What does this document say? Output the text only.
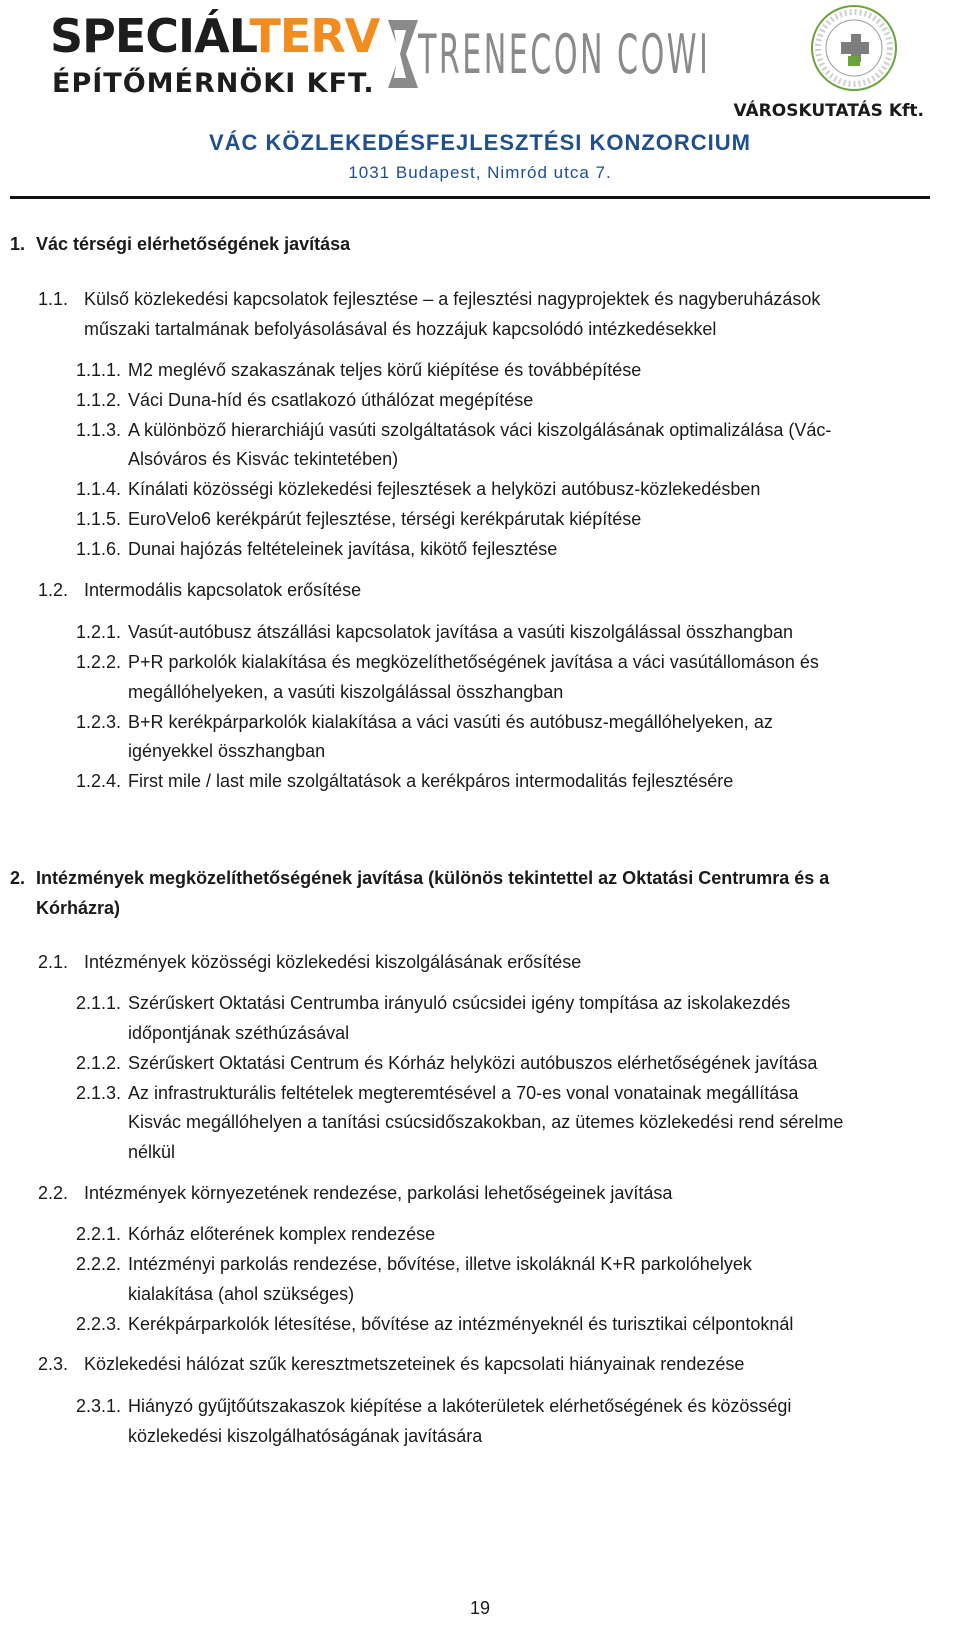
SPECIÁLTERV
ÉPÍTŐMÉRNÖKI KFT. TRENECON COWI
VÁROSKUTATÁS Kft.
VÁC KÖZLEKEDÉSFEJLESZTÉSI KONZORCIUM
1031 Budapest, Nimród utca 7.
1. Vác térségi elérhetőségének javítása
1.1. Külső közlekedési kapcsolatok fejlesztése – a fejlesztési nagyprojektek és nagyberuházások
műszaki tartalmának befolyásolásával és hozzájuk kapcsolódó intézkedésekkel
1.1.1. M2 meglévő szakaszának teljes körű kiépítése és továbbépítése
1.1.2. Váci Duna-híd és csatlakozó úthálózat megépítése
1.1.3. A különböző hierarchiájú vasúti szolgáltatások váci kiszolgálásának optimalizálása (Vác-
Alsóváros és Kisvác tekintetében)
1.1.4. Kínálati közösségi közlekedési fejlesztések a helyközi autóbusz-közlekedésben
1.1.5. EuroVelo6 kerékpárút fejlesztése, térségi kerékpárutak kiépítése
1.1.6. Dunai hajózás feltételeinek javítása, kikötő fejlesztése
1.2. Intermodális kapcsolatok erősítése
1.2.1. Vasút-autóbusz átszállási kapcsolatok javítása a vasúti kiszolgálással összhangban
1.2.2. P+R parkolók kialakítása és megközelíthetőségének javítása a váci vasútállomáson és
megállóhelyeken, a vasúti kiszolgálással összhangban
1.2.3. B+R kerékpárparkolók kialakítása a váci vasúti és autóbusz-megállóhelyeken, az
igényekkel összhangban
1.2.4. First mile / last mile szolgáltatások a kerékpáros intermodalitás fejlesztésére
2. Intézmények megközelíthetőségének javítása (különös tekintettel az Oktatási Centrumra és a
Kórházra)
2.1. Intézmények közösségi közlekedési kiszolgálásának erősítése
2.1.1. Szérűskert Oktatási Centrumba irányuló csúcsidei igény tompítása az iskolakezdés
időpontjának széthúzásával
2.1.2. Szérűskert Oktatási Centrum és Kórház helyközi autóbuszos elérhetőségének javítása
2.1.3. Az infrastrukturális feltételek megteremtésével a 70-es vonal vonatainak megállítása
Kisvác megállóhelyen a tanítási csúcsidőszakokban, az ütemes közlekedési rend sérelme
nélkül
2.2. Intézmények környezetének rendezése, parkolási lehetőségeinek javítása
2.2.1. Kórház előterének komplex rendezése
2.2.2. Intézményi parkolás rendezése, bővítése, illetve iskoláknál K+R parkolóhelyek
kialakítása (ahol szükséges)
2.2.3. Kerékpárparkolók létesítése, bővítése az intézményeknél és turisztikai célpontoknál
2.3. Közlekedési hálózat szűk keresztmetszeteinek és kapcsolati hiányainak rendezése
2.3.1. Hiányzó gyűjtőútszakaszok kiépítése a lakóterületek elérhetőségének és közösségi
közlekedési kiszolgálhatóságának javítására
19
